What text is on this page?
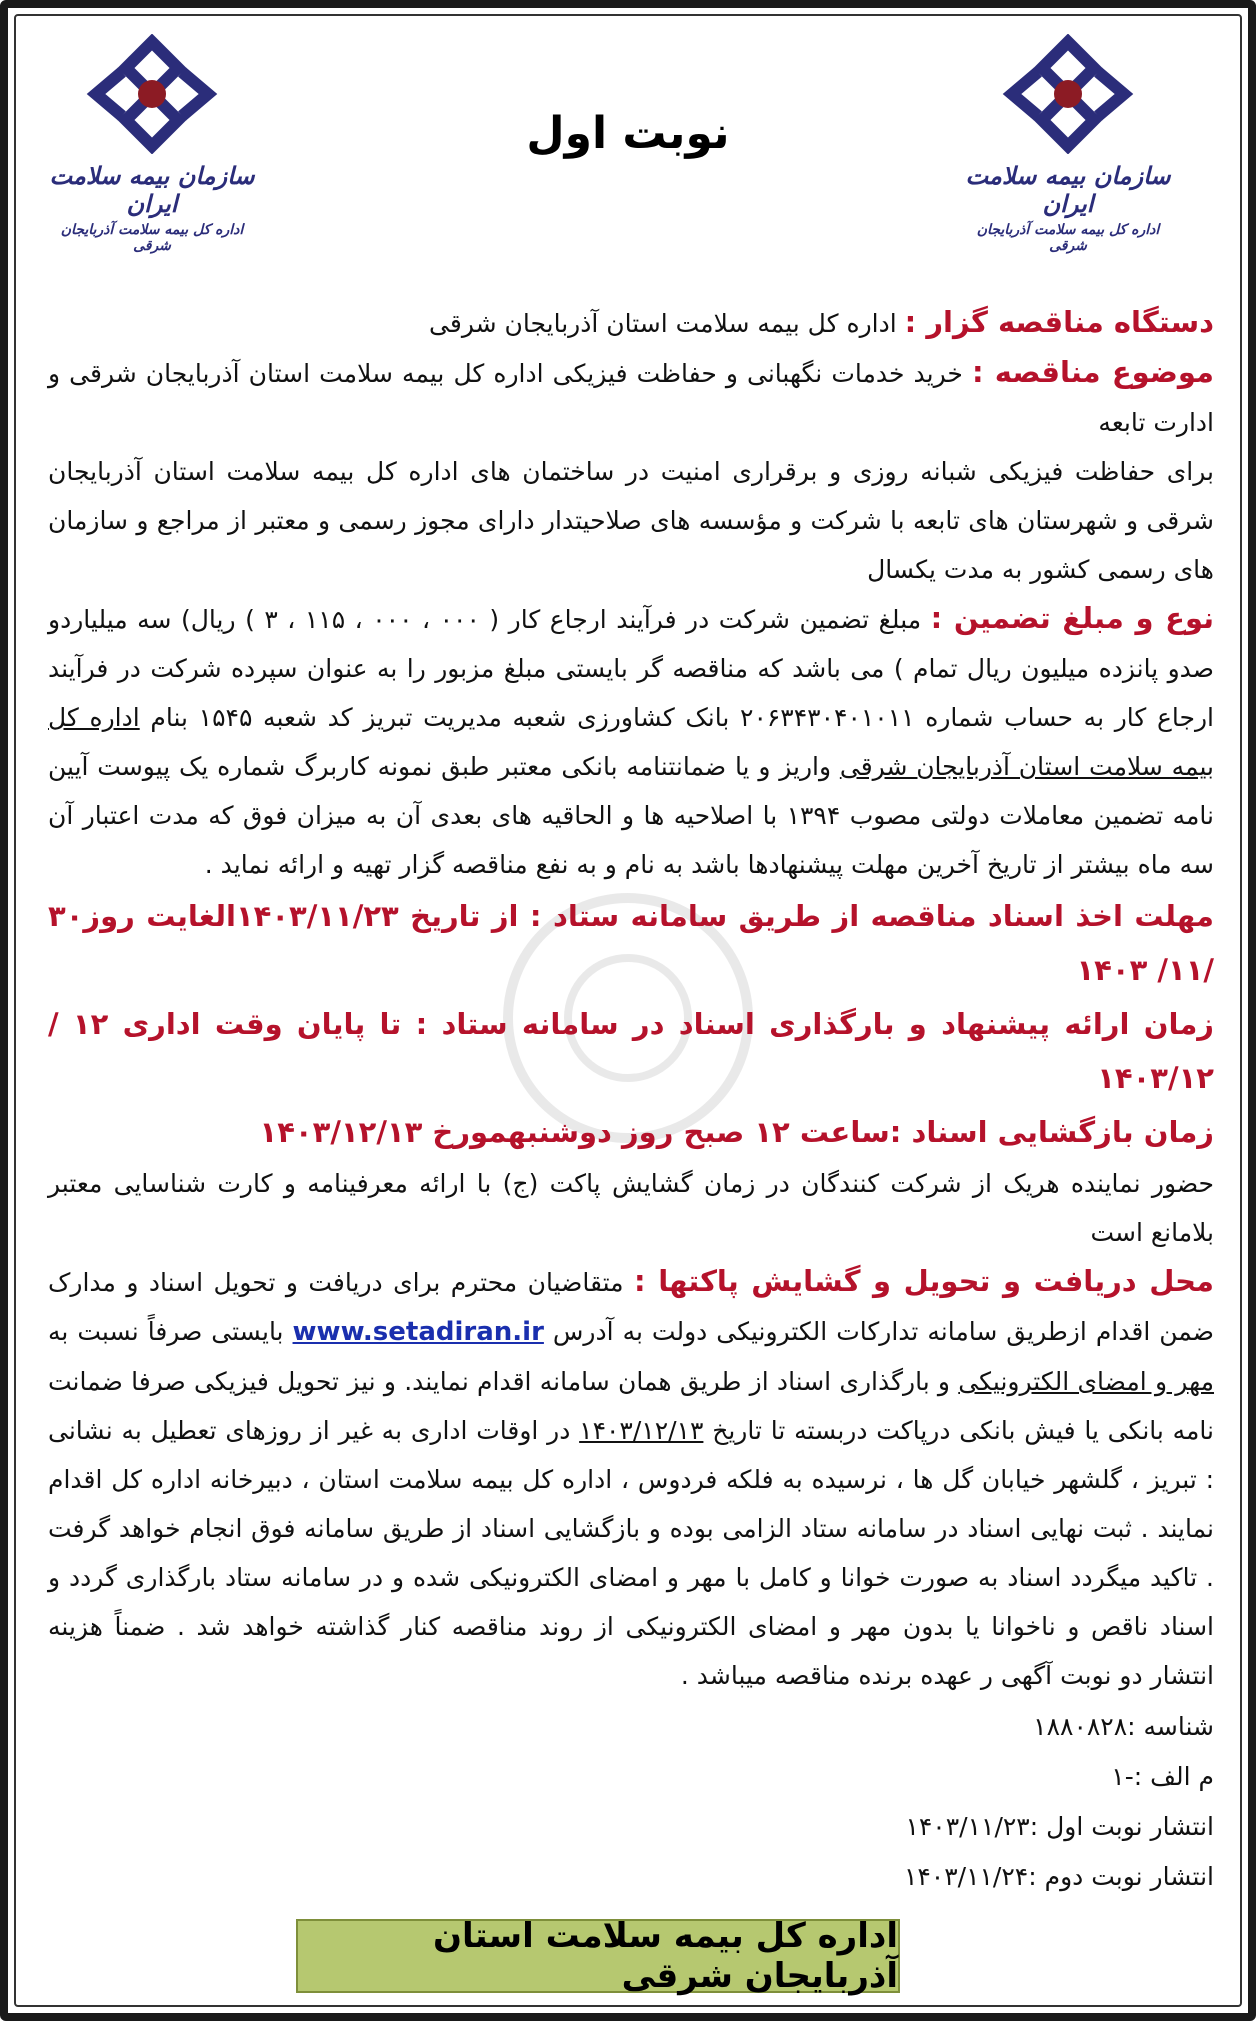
سازمان بیمه سلامت ایران
اداره کل بیمه سلامت آذربایجان شرقی
سازمان بیمه سلامت ایران
اداره کل بیمه سلامت آذربایجان شرقی
نوبت اول

دستگاه مناقصه گزار : اداره کل بیمه سلامت استان آذربایجان شرقی

موضوع مناقصه : خرید خدمات نگهبانی و حفاظت فیزیکی اداره کل بیمه سلامت استان آذربایجان شرقی و ادارت تابعه

برای حفاظت فیزیکی شبانه روزی و برقراری امنیت در ساختمان های اداره کل بیمه سلامت استان آذربایجان شرقی و شهرستان های تابعه با شرکت و مؤسسه های صلاحیتدار دارای مجوز رسمی و معتبر از مراجع و سازمان های رسمی کشور به مدت یکسال

نوع و مبلغ تضمین : مبلغ تضمین شرکت در فرآیند ارجاع کار ( ۰۰۰ ، ۰۰۰ ، ۱۱۵ ، ۳ ) ریال) سه میلیاردو صدو پانزده میلیون ریال تمام ) می باشد که مناقصه گر بایستی مبلغ مزبور را به عنوان سپرده شرکت در فرآیند ارجاع کار به حساب شماره ۲۰۶۳۴۳۰۴۰۱۰۱۱ بانک کشاورزی شعبه مدیریت تبریز کد شعبه ۱۵۴۵ بنام اداره کل بیمه سلامت استان آذربایجان شرقی واریز و یا ضمانتنامه بانکی معتبر طبق نمونه کاربرگ شماره یک پیوست آیین نامه تضمین معاملات دولتی مصوب ۱۳۹۴ با اصلاحیه ها و الحاقیه های بعدی آن به میزان فوق که مدت اعتبار آن سه ماه بیشتر از تاریخ آخرین مهلت پیشنهادها باشد به نام و به نفع مناقصه گزار تهیه و ارائه نماید .

مهلت اخذ اسناد مناقصه از طریق سامانه ستاد : از تاریخ ۱۴۰۳/۱۱/۲۳الغایت روز۳۰ /۱۱/ ۱۴۰۳

زمان ارائه پیشنهاد و بارگذاری اسناد در سامانه ستاد : تا پایان وقت اداری ۱۲ /۱۴۰۳/۱۲

زمان بازگشایی اسناد :ساعت ۱۲ صبح روز دوشنبهمورخ ۱۴۰۳/۱۲/۱۳

حضور نماینده هریک از شرکت کنندگان در زمان گشایش پاکت (ج) با ارائه معرفینامه و کارت شناسایی معتبر بلامانع است

محل دریافت و تحویل و گشایش پاکتها : متقاضیان محترم برای دریافت و تحویل اسناد و مدارک ضمن اقدام ازطریق سامانه تدارکات الکترونیکی دولت به آدرس www.setadiran.ir بایستی صرفاً نسبت به مهر و امضای الکترونیکی و بارگذاری اسناد از طریق همان سامانه اقدام نمایند. و نیز تحویل فیزیکی صرفا ضمانت نامه بانکی یا فیش بانکی درپاکت دربسته تا تاریخ ۱۴۰۳/۱۲/۱۳ در اوقات اداری به غیر از روزهای تعطیل به نشانی : تبریز ، گلشهر خیابان گل ها ، نرسیده به فلکه فردوس ، اداره کل بیمه سلامت استان ، دبیرخانه اداره کل اقدام نمایند . ثبت نهایی اسناد در سامانه ستاد الزامی بوده و بازگشایی اسناد از طریق سامانه فوق انجام خواهد گرفت . تاکید میگردد اسناد به صورت خوانا و کامل با مهر و امضای الکترونیکی شده و در سامانه ستاد بارگذاری گردد و اسناد ناقص و ناخوانا یا بدون مهر و امضای الکترونیکی از روند مناقصه کنار گذاشته خواهد شد . ضمناً هزینه انتشار دو نوبت آگهی ر عهده برنده مناقصه میباشد .

شناسه :۱۸۸۰۸۲۸
م الف :-۱
انتشار نوبت اول :۱۴۰۳/۱۱/۲۳
انتشار نوبت دوم :۱۴۰۳/۱۱/۲۴
اداره کل بیمه سلامت استان آذربایجان شرقی
